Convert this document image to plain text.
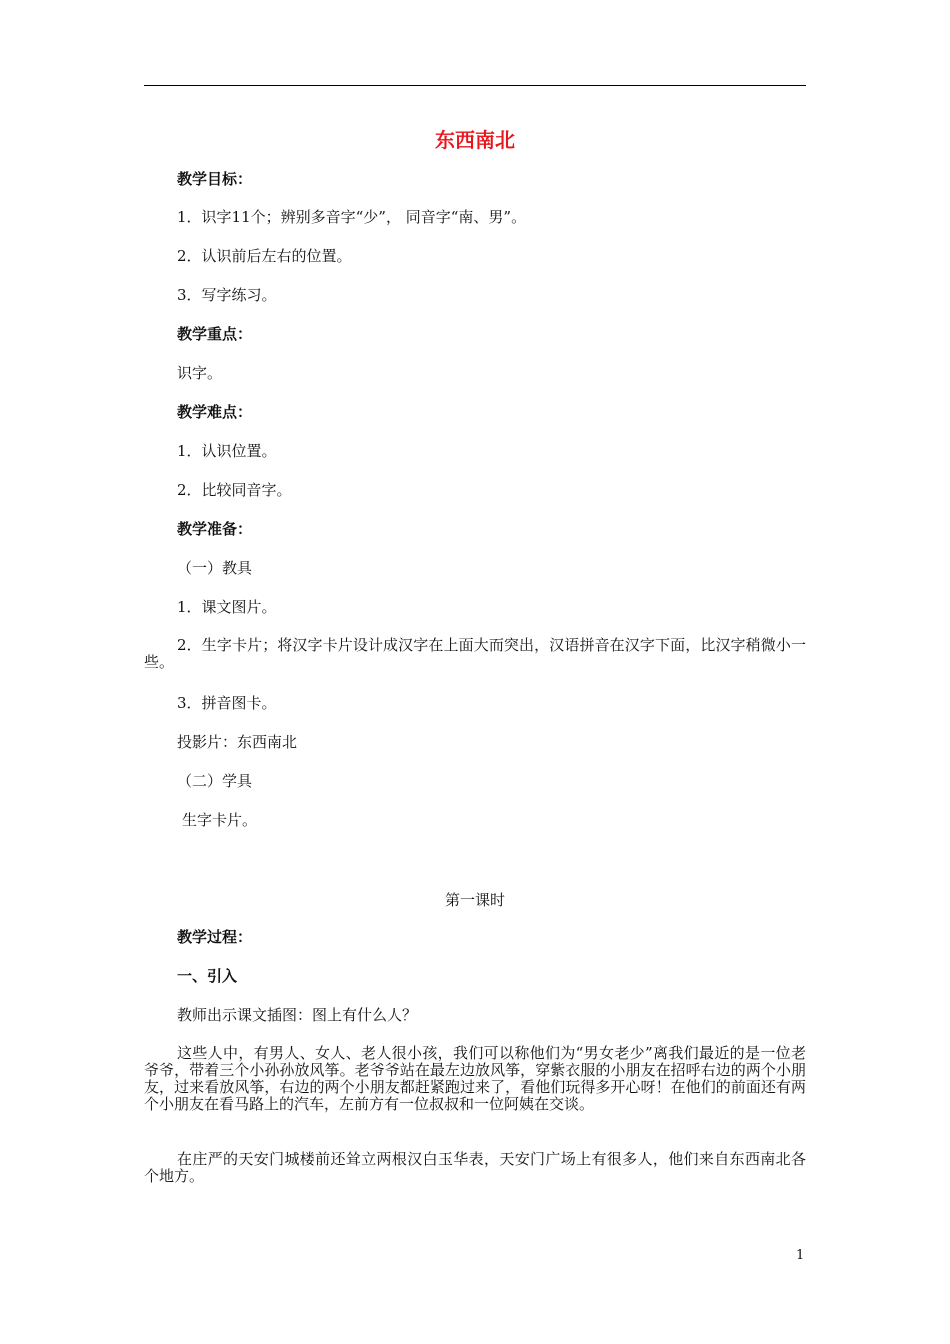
东西南北
教学目标：
1．识字11个；辨别多音字“少”， 同音字“南、男”。
2．认识前后左右的位置。
3．写字练习。
教学重点：
识字。
教学难点：
1．认识位置。
2．比较同音字。
教学准备：
（一）教具
1．课文图片。
2．生字卡片；将汉字卡片设计成汉字在上面大而突出，汉语拼音在汉字下面，比汉字稍微小一些。
3．拼音图卡。
投影片：东西南北
（二）学具
生字卡片。
第一课时
教学过程：
一、引入
教师出示课文插图：图上有什么人？
这些人中，有男人、女人、老人很小孩，我们可以称他们为“男女老少”离我们最近的是一位老爷爷，带着三个小孙孙放风筝。老爷爷站在最左边放风筝，穿紫衣服的小朋友在招呼右边的两个小朋友，过来看放风筝，右边的两个小朋友都赶紧跑过来了，看他们玩得多开心呀！在他们的前面还有两个小朋友在看马路上的汽车，左前方有一位叔叔和一位阿姨在交谈。
在庄严的天安门城楼前还耸立两根汉白玉华表，天安门广场上有很多人，他们来自东西南北各个地方。
1
